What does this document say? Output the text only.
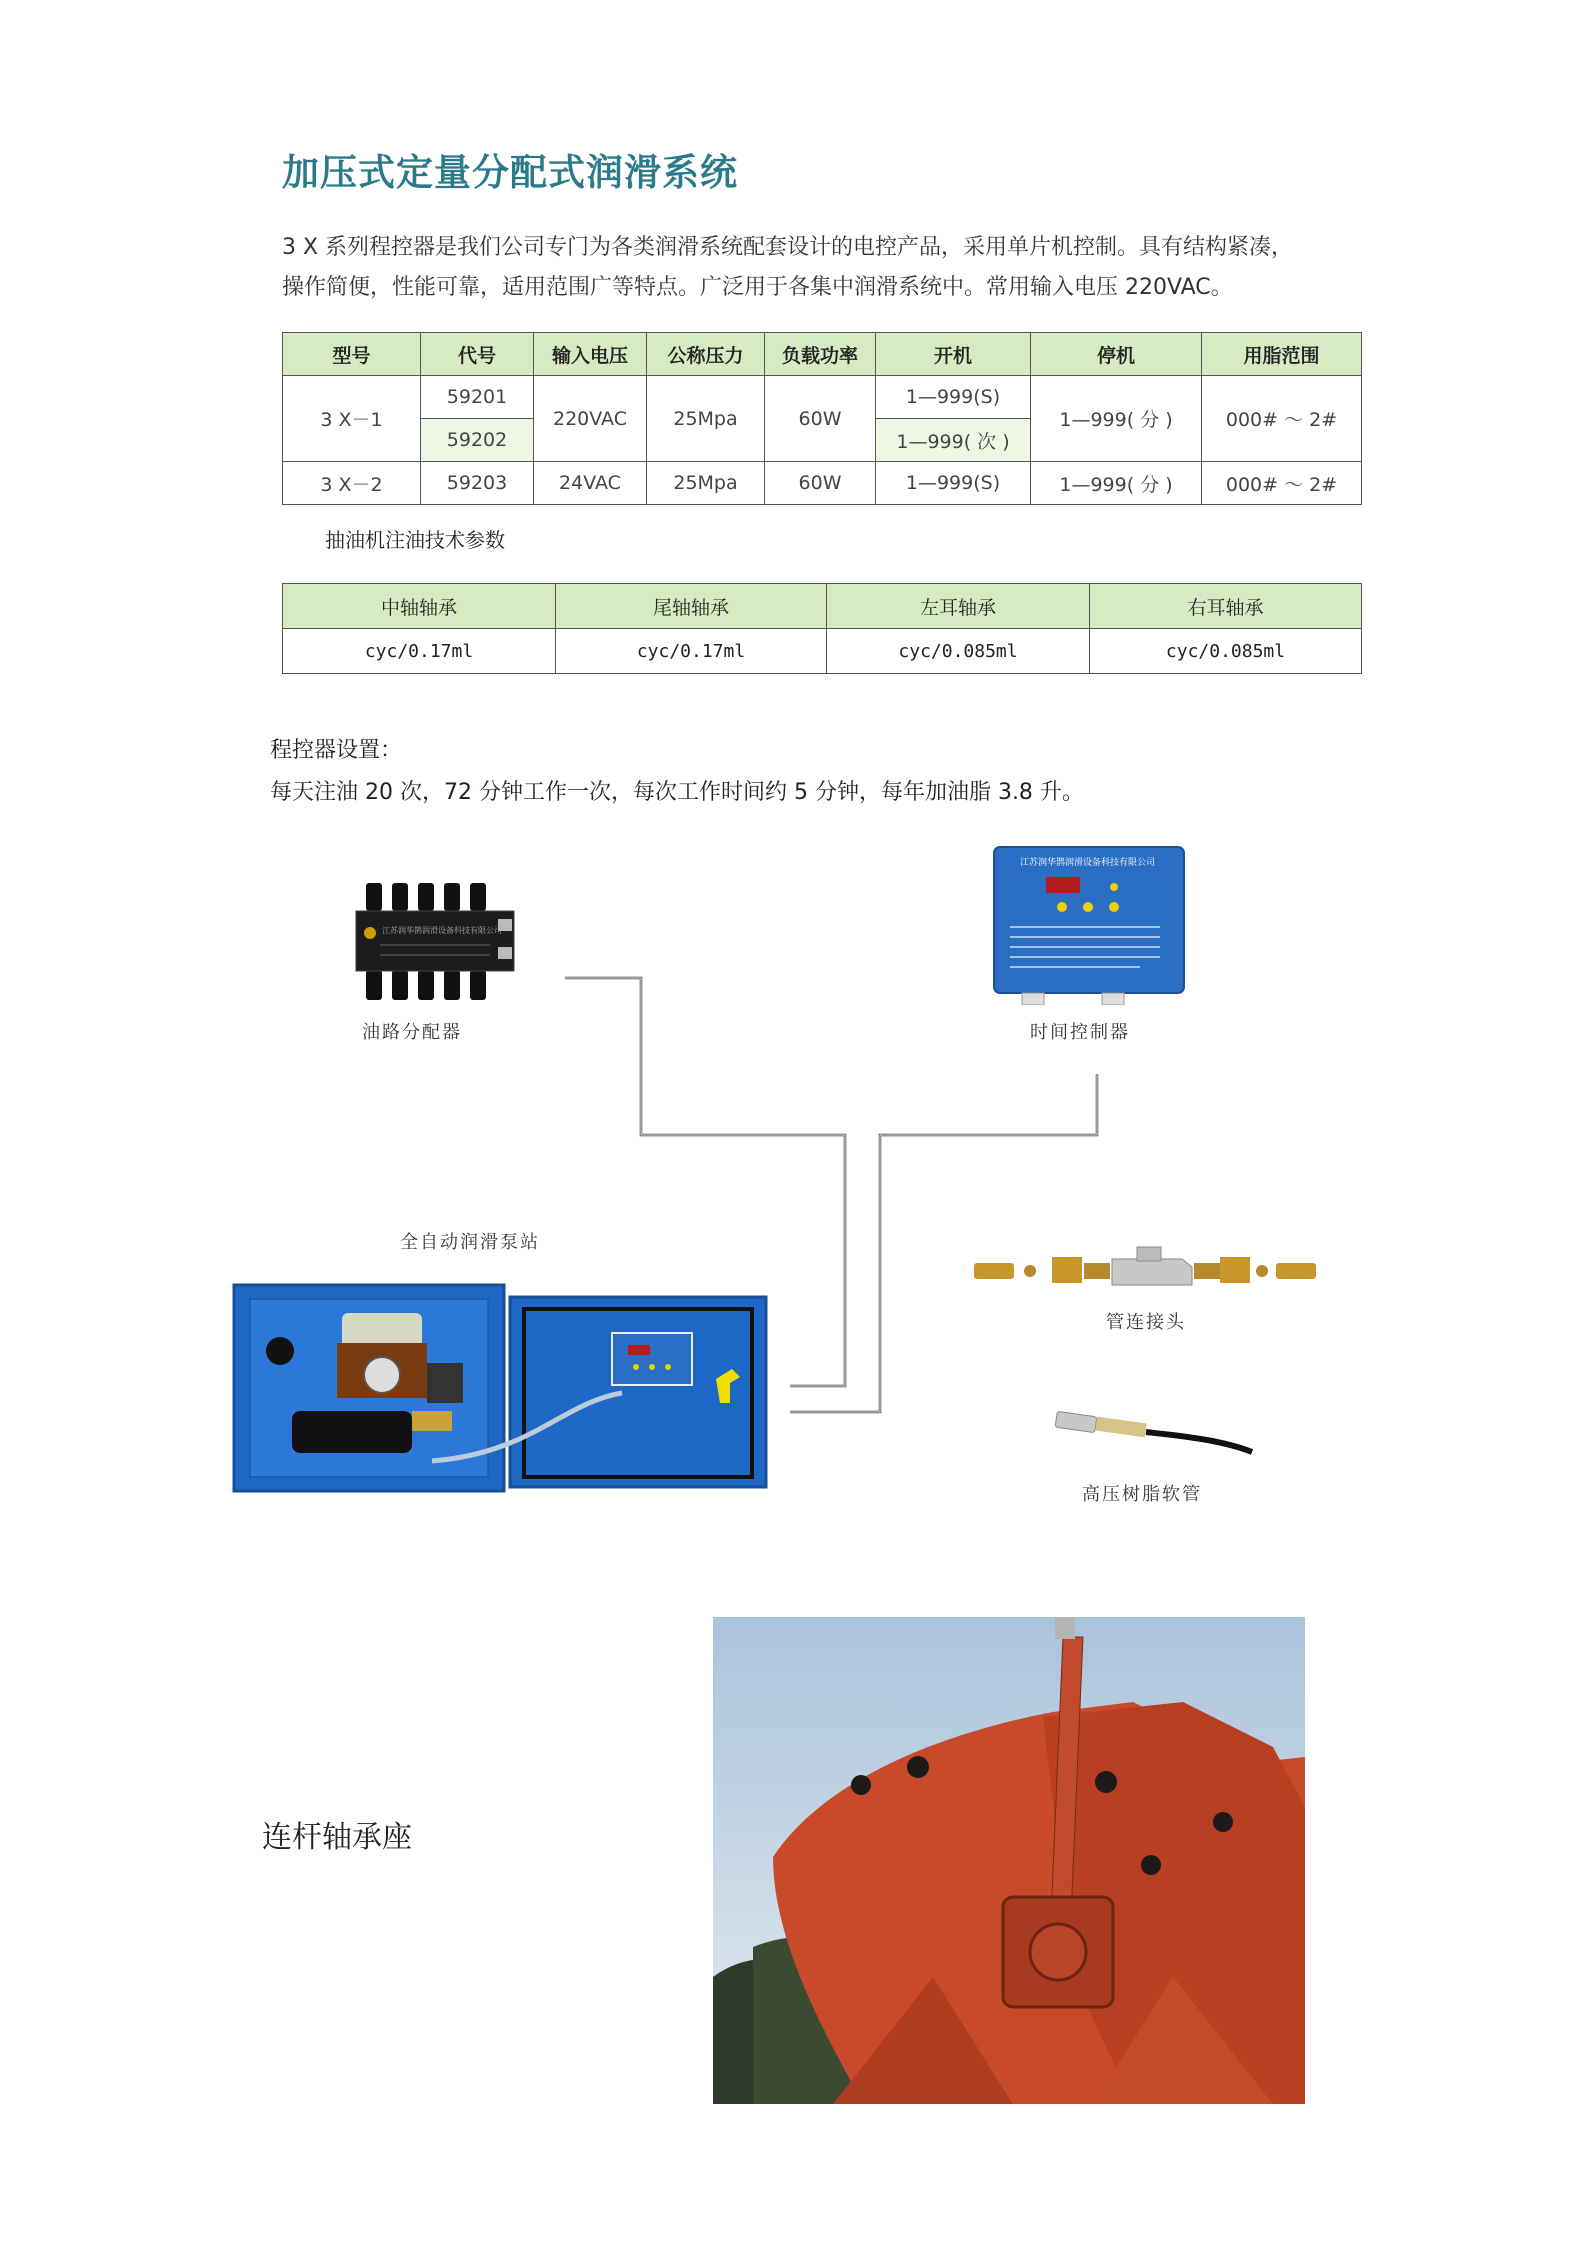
加压式定量分配式润滑系统

3 X 系列程控器是我们公司专门为各类润滑系统配套设计的电控产品，采用单片机控制。具有结构紧凑，

操作简便，性能可靠，适用范围广等特点。广泛用于各集中润滑系统中。常用输入电压 220VAC。

型号	代号	输入电压	公称压力	负载功率	开机	停机	用脂范围
3 X－1	59201	220VAC	25Mpa	60W	1—999(S)	1—999( 分 )	000# ～ 2#
	59202				1—999( 次 )		
3 X－2	59203	24VAC	25Mpa	60W	1—999(S)	1—999( 分 )	000# ～ 2#
抽油机注油技术参数
中轴轴承	尾轴轴承	左耳轴承	右耳轴承
cyc/0.17ml	cyc/0.17ml	cyc/0.085ml	cyc/0.085ml
程控器设置：
每天注油 20 次，72 分钟工作一次，每次工作时间约 5 分钟，每年加油脂 3.8 升。
江苏润华鹊润滑设备科技有限公司
油路分配器
江苏润华鹊润滑设备科技有限公司
时间控制器
全自动润滑泵站
管连接头
高压树脂软管
连杆轴承座
